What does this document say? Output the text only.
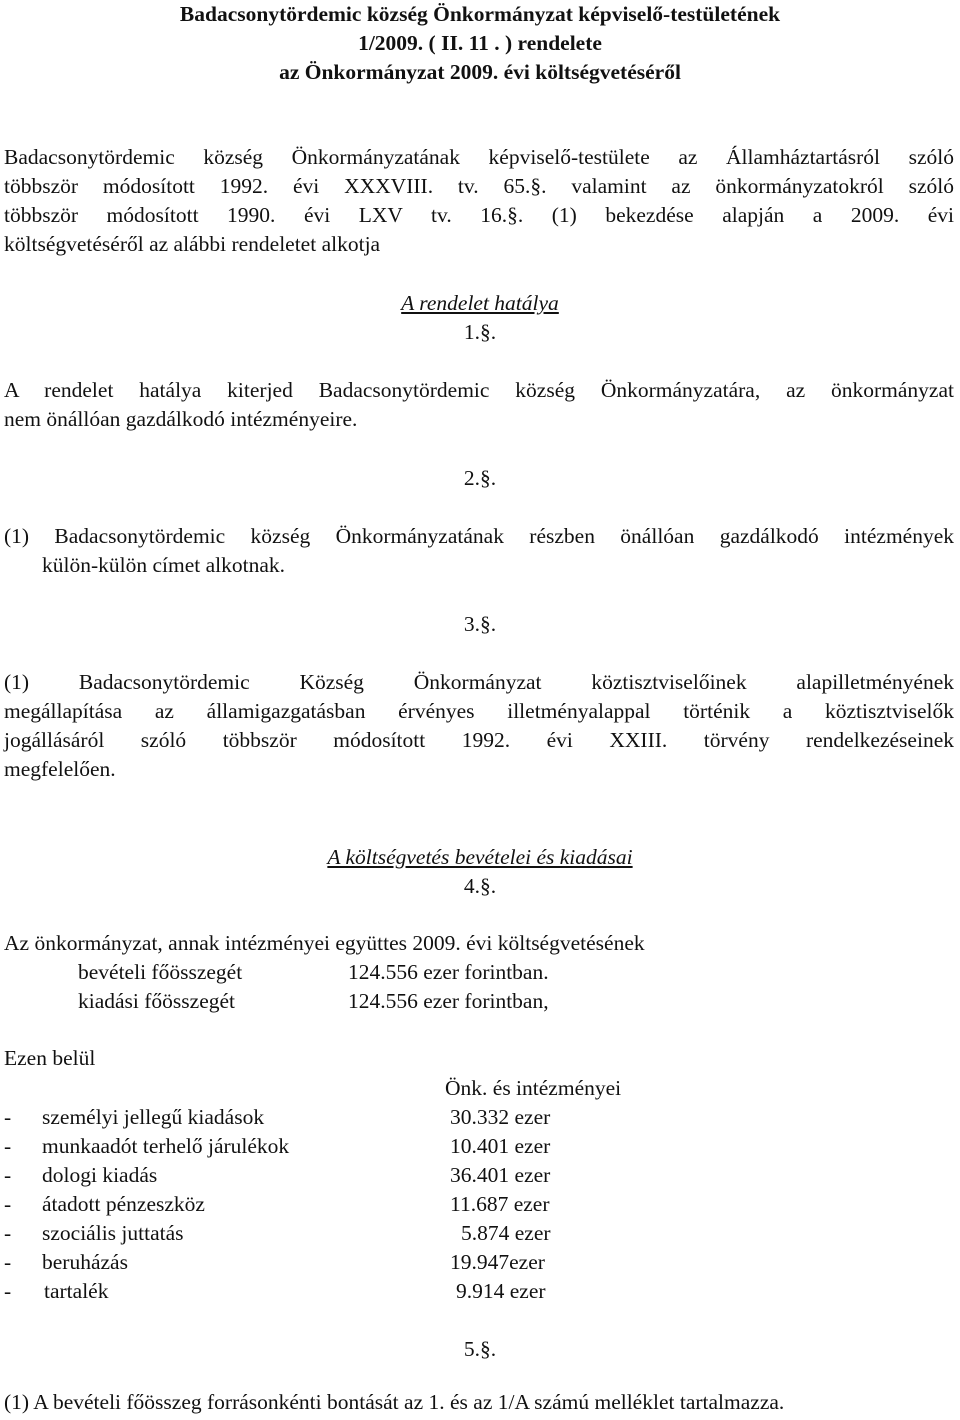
Badacsonytördemic község Önkormányzat képviselő-testületének
1/2009. ( II. 11 . ) rendelete
az Önkormányzat 2009. évi költségvetéséről
Badacsonytördemic község Önkormányzatának képviselő-testülete az Államháztartásról szóló
többször módosított 1992. évi XXXVIII. tv. 65.§. valamint az önkormányzatokról szóló
többször módosított 1990. évi LXV tv. 16.§. (1) bekezdése alapján a 2009. évi
költségvetéséről az alábbi rendeletet alkotja
A rendelet hatálya
1.§.
A rendelet hatálya kiterjed Badacsonytördemic község Önkormányzatára, az önkormányzat
nem önállóan gazdálkodó intézményeire.
2.§.
(1) Badacsonytördemic község Önkormányzatának részben önállóan gazdálkodó intézmények
külön-külön címet alkotnak.
3.§.
(1) Badacsonytördemic Község Önkormányzat köztisztviselőinek alapilletményének
megállapítása az államigazgatásban érvényes illetményalappal történik a köztisztviselők
jogállásáról szóló többször módosított 1992. évi XXIII. törvény rendelkezéseinek
megfelelően.
A költségvetés bevételei és kiadásai
4.§.
Az önkormányzat, annak intézményei együttes 2009. évi költségvetésének
bevételi főösszegét	124.556 ezer forintban.
kiadási főösszegét	124.556 ezer forintban,
Ezen belül
Önk. és intézményei
- személyi jellegű kiadások	30.332 ezer
- munkaadót terhelő járulékok	10.401 ezer
- dologi kiadás	36.401 ezer
- átadott pénzeszköz	11.687 ezer
- szociális juttatás	5.874 ezer
- beruházás	19.947ezer
- tartalék	9.914 ezer
5.§.
(1) A bevételi főösszeg forrásonkénti bontását az 1. és az 1/A számú melléklet tartalmazza.
